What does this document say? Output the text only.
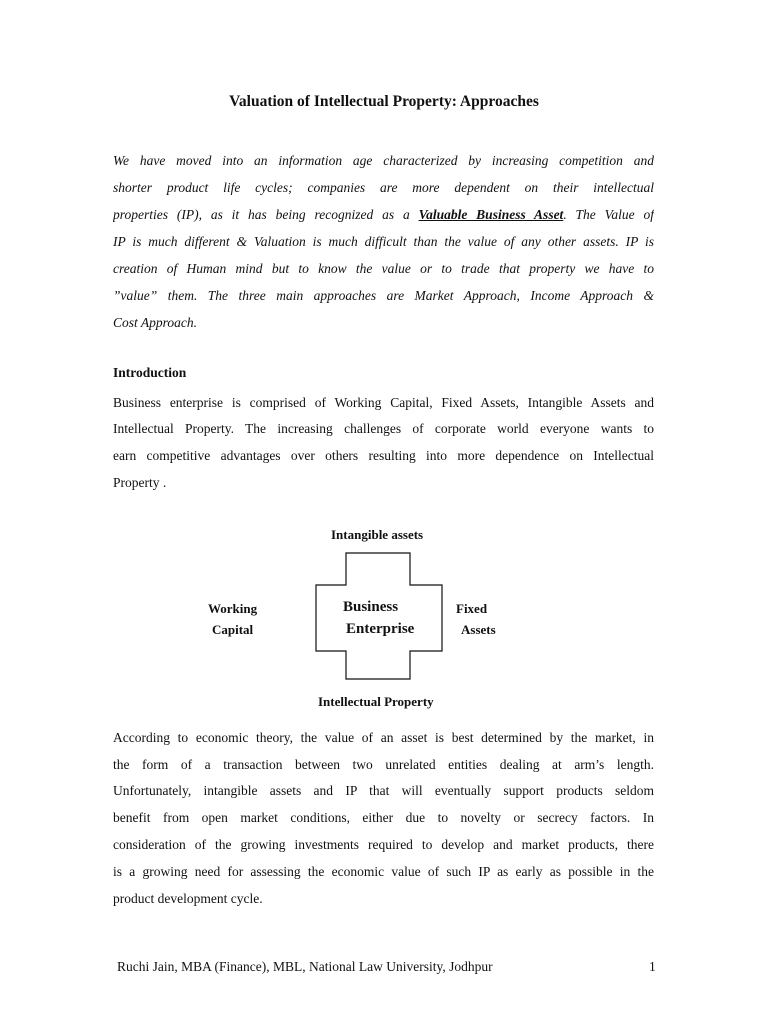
Valuation of Intellectual Property: Approaches
We have moved into an information age characterized by increasing competition and
shorter product life cycles; companies are more dependent on their intellectual
properties (IP), as it has being recognized as a Valuable Business Asset. The Value of
IP is much different & Valuation is much difficult than the value of any other assets. IP is
creation of Human mind but to know the value or to trade that property we have to
”value” them. The three main approaches are Market Approach, Income Approach &
Cost Approach.
Introduction
Business enterprise is comprised of Working Capital, Fixed Assets, Intangible Assets and
Intellectual Property. The increasing challenges of corporate world everyone wants to
earn competitive advantages over others resulting into more dependence on Intellectual
Property .
Intangible assets
Working
Capital
Business
Enterprise
Fixed
Assets
Intellectual Property
According to economic theory, the value of an asset is best determined by the market, in
the form of a transaction between two unrelated entities dealing at arm’s length.
Unfortunately, intangible assets and IP that will eventually support products seldom
benefit from open market conditions, either due to novelty or secrecy factors. In
consideration of the growing investments required to develop and market products, there
is a growing need for assessing the economic value of such IP as early as possible in the
product development cycle.
Ruchi Jain, MBA (Finance), MBL, National Law University, Jodhpur	1
